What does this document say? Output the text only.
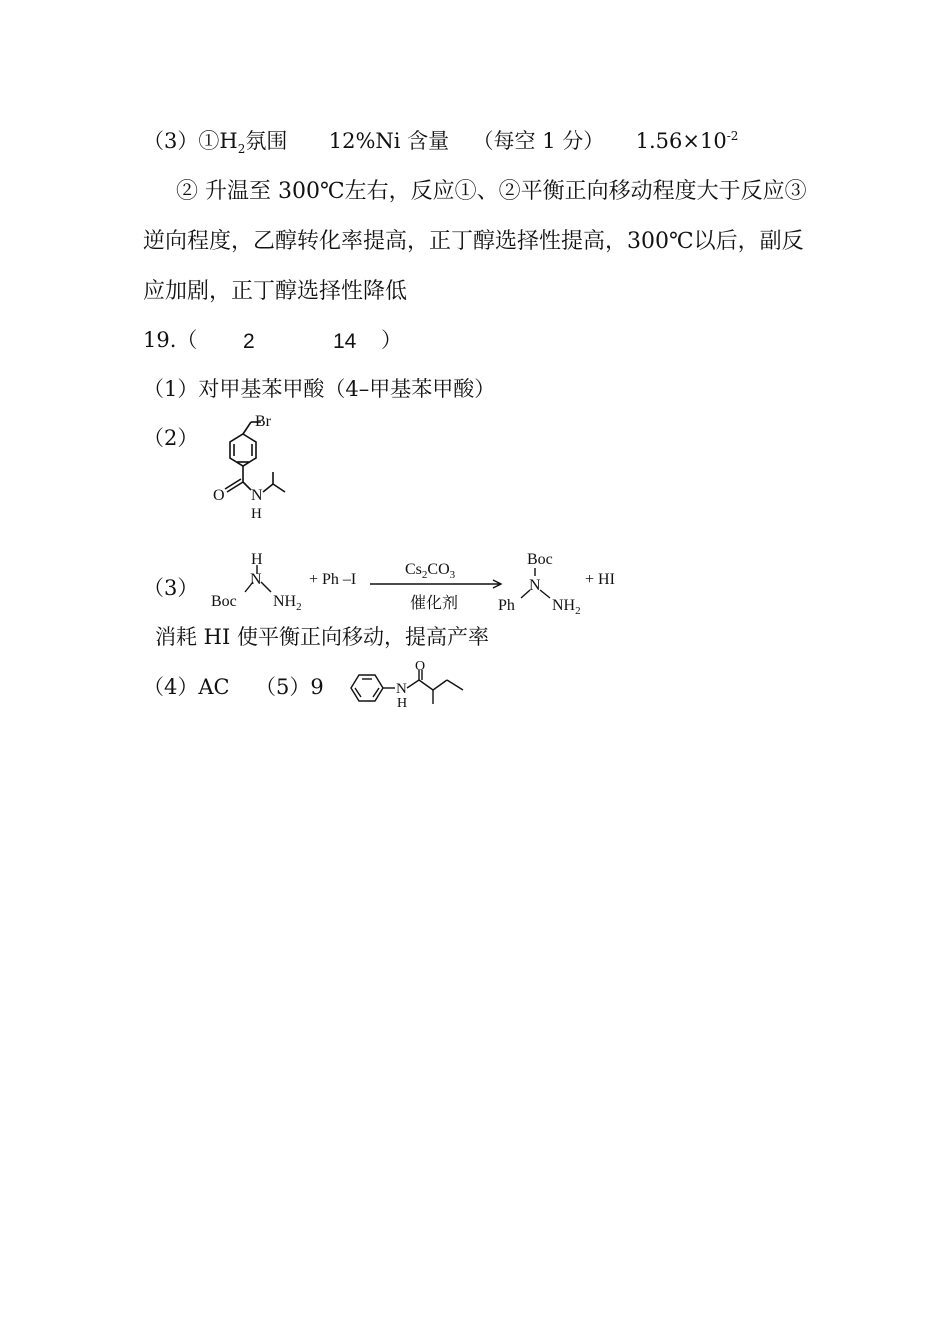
$(3)①H_2$氛围 12%Ni 含量 （每空 1 分） $1.56\times 10^{-2}$
② 升温至 300℃左右，反应①、②平衡正向移动程度大于反应③
逆向程度，乙醇转化率提高，正丁醇选择性提高，300℃以后，副反
应加剧，正丁醇选择性降低
19.（ 2	14 ）
（1）对甲基苯甲酸（4–甲基苯甲酸）
（2）
Br
O N
H
（3）
H
N
Boc $NH_2$
+ Ph –I
$Cs_2CO_3$
催化剂
Boc
N
Ph $NH_2$
+ HI
消耗 HI 使平衡正向移动，提高产率
（4）AC （5）9
O
N
H
